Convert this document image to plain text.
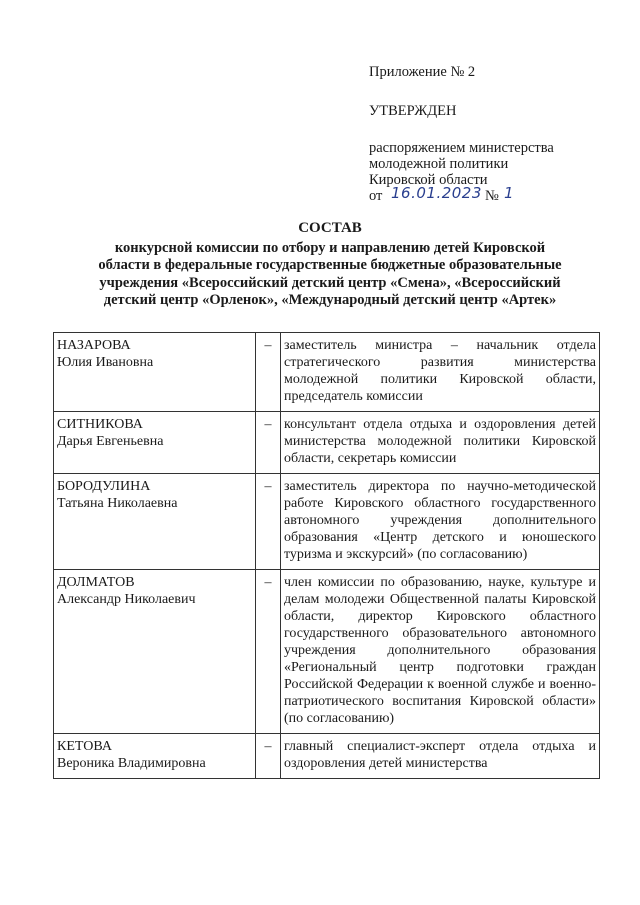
Приложение № 2
УТВЕРЖДЕН
распоряжением министерства
молодежной политики
Кировской области
от 16.01.2023 № 1
СОСТАВ
конкурсной комиссии по отбору и направлению детей Кировской
области в федеральные государственные бюджетные образовательные
учреждения «Всероссийский детский центр «Смена», «Всероссийский
детский центр «Орленок», «Международный детский центр «Артек»
НАЗАРОВА
Юлия Ивановна	–	заместитель министра – начальник отдела стратегического развития министерства молодежной политики Кировской области, председатель комиссии

СИТНИКОВА
Дарья Евгеньевна	–	консультант отдела отдыха и оздоровления детей министерства молодежной политики Кировской области, секретарь комиссии

БОРОДУЛИНА
Татьяна Николаевна	–	заместитель директора по научно-методической работе Кировского областного государственного автономного учреждения дополнительного образования «Центр детского и юношеского туризма и экскурсий» (по согласованию)

ДОЛМАТОВ
Александр Николаевич	–	член комиссии по образованию, науке, культуре и делам молодежи Общественной палаты Кировской области, директор Кировского областного государственного образовательного автономного учреждения дополнительного образования «Региональный центр подготовки граждан Российской Федерации к военной службе и военно-патриотического воспитания Кировской области» (по согласованию)

КЕТОВА
Вероника Владимировна	–	главный специалист-эксперт отдела отдыха и оздоровления детей министерства
